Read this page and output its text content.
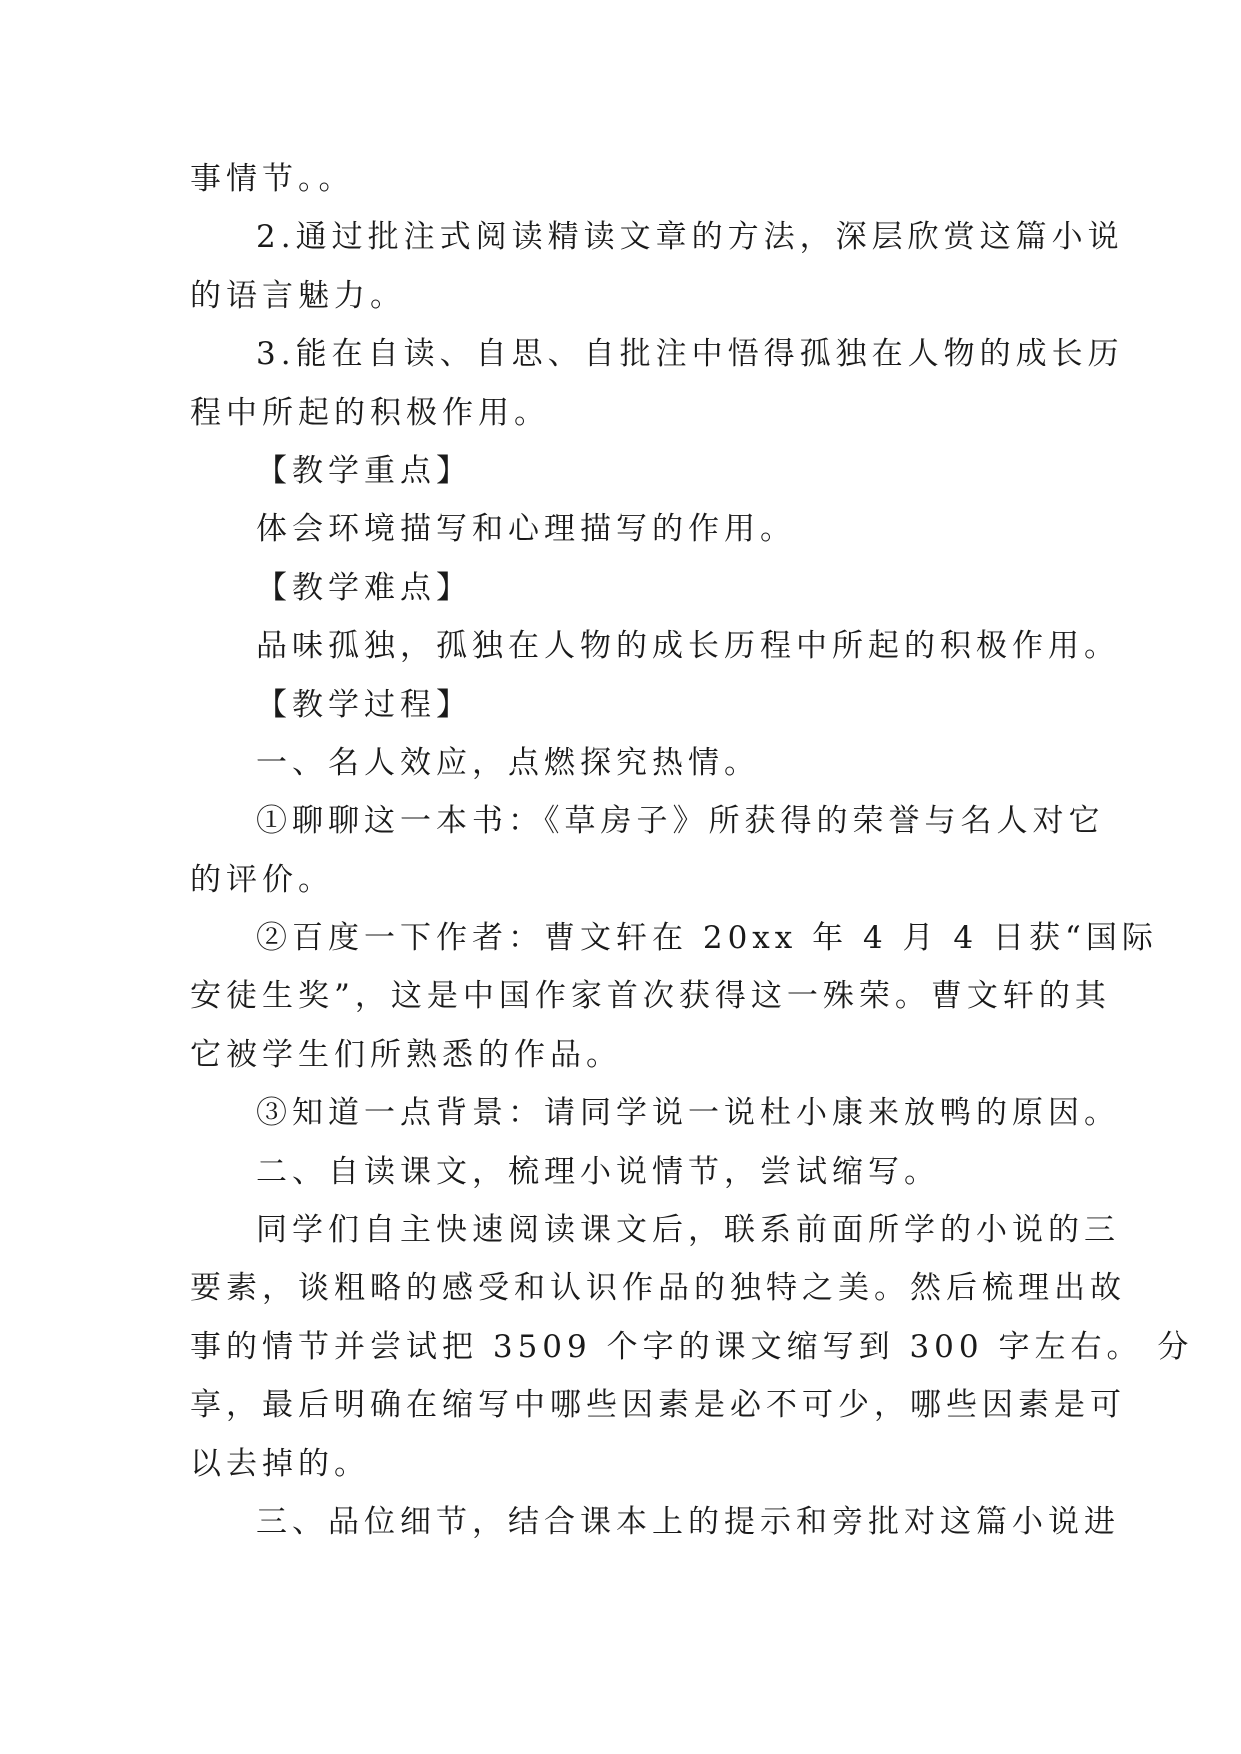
事情节。。
2.通过批注式阅读精读文章的方法，深层欣赏这篇小说
的语言魅力。
3.能在自读、自思、自批注中悟得孤独在人物的成长历
程中所起的积极作用。
【教学重点】
体会环境描写和心理描写的作用。
【教学难点】
品味孤独，孤独在人物的成长历程中所起的积极作用。
【教学过程】
一、名人效应，点燃探究热情。
①聊聊这一本书：《草房子》所获得的荣誉与名人对它
的评价。
②百度一下作者：曹文轩在 20xx 年 4 月 4 日获“国际
安徒生奖”，这是中国作家首次获得这一殊荣。曹文轩的其
它被学生们所熟悉的作品。
③知道一点背景：请同学说一说杜小康来放鸭的原因。
二、自读课文，梳理小说情节，尝试缩写。
同学们自主快速阅读课文后，联系前面所学的小说的三
要素，谈粗略的感受和认识作品的独特之美。然后梳理出故
事的情节并尝试把 3509 个字的课文缩写到 300 字左右。 分
享，最后明确在缩写中哪些因素是必不可少，哪些因素是可
以去掉的。
三、品位细节，结合课本上的提示和旁批对这篇小说进
